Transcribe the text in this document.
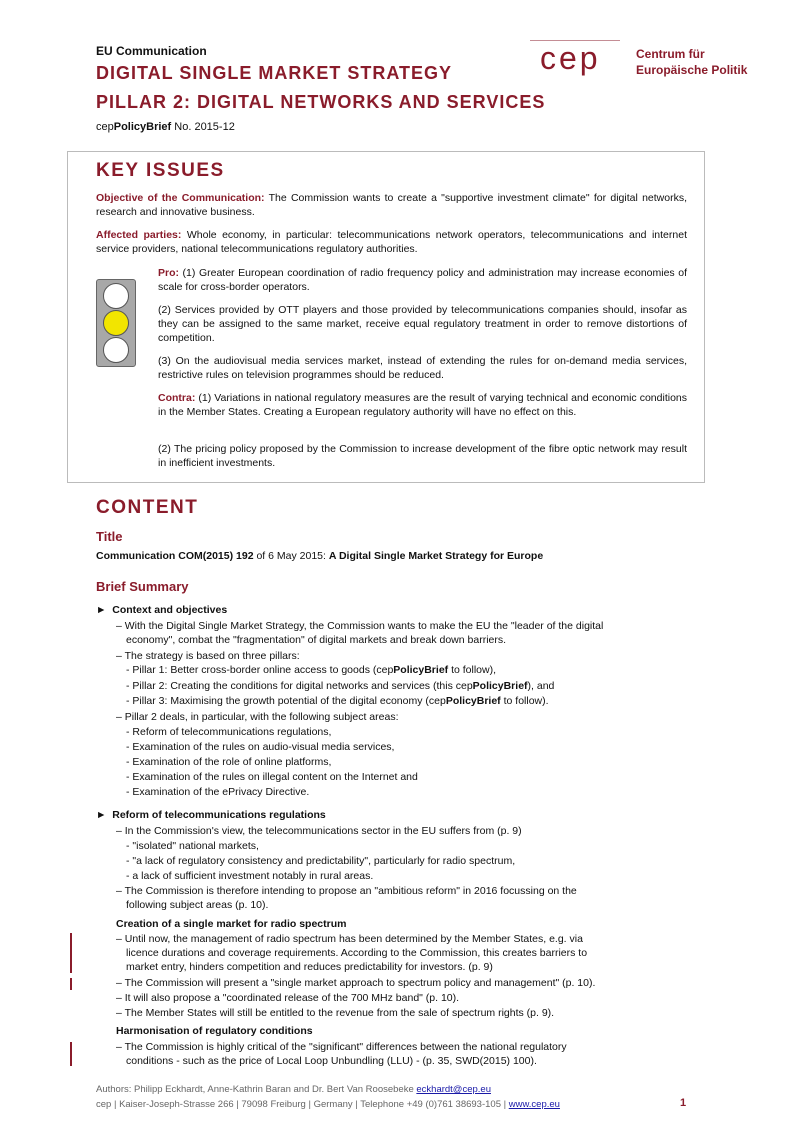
EU Communication
DIGITAL SINGLE MARKET STRATEGY
PILLAR 2: DIGITAL NETWORKS AND SERVICES
cepPolicyBrief No. 2015-12
cep	Centrum für
Europäische Politik
KEY ISSUES
Objective of the Communication: The Commission wants to create a "supportive investment climate" for digital networks, research and innovative business.
Affected parties: Whole economy, in particular: telecommunications network operators, telecommunications and internet service providers, national telecommunications regulatory authorities.
Pro: (1) Greater European coordination of radio frequency policy and administration may increase economies of scale for cross-border operators.
(2) Services provided by OTT players and those provided by telecommunications companies should, insofar as they can be assigned to the same market, receive equal regulatory treatment in order to remove distortions of competition.
(3) On the audiovisual media services market, instead of extending the rules for on-demand media services, restrictive rules on television programmes should be reduced.
Contra: (1) Variations in national regulatory measures are the result of varying technical and economic conditions in the Member States. Creating a European regulatory authority will have no effect on this.
(2) The pricing policy proposed by the Commission to increase development of the fibre optic network may result in inefficient investments.
CONTENT
Title
Communication COM(2015) 192 of 6 May 2015: A Digital Single Market Strategy for Europe
Brief Summary
►  Context and objectives
– With the Digital Single Market Strategy, the Commission wants to make the EU the "leader of the digital
economy", combat the "fragmentation" of digital markets and break down barriers.
– The strategy is based on three pillars:
- Pillar 1: Better cross-border online access to goods (cepPolicyBrief to follow),
- Pillar 2: Creating the conditions for digital networks and services (this cepPolicyBrief), and
- Pillar 3: Maximising the growth potential of the digital economy (cepPolicyBrief to follow).
– Pillar 2 deals, in particular, with the following subject areas:
- Reform of telecommunications regulations,
- Examination of the rules on audio-visual media services,
- Examination of the role of online platforms,
- Examination of the rules on illegal content on the Internet and
- Examination of the ePrivacy Directive.
►  Reform of telecommunications regulations
– In the Commission's view, the telecommunications sector in the EU suffers from (p. 9)
- "isolated" national markets,
- "a lack of regulatory consistency and predictability", particularly for radio spectrum,
- a lack of sufficient investment notably in rural areas.
– The Commission is therefore intending to propose an "ambitious reform" in 2016 focussing on the
following subject areas (p. 10).
Creation of a single market for radio spectrum
– Until now, the management of radio spectrum has been determined by the Member States, e.g. via
licence durations and coverage requirements. According to the Commission, this creates barriers to
market entry, hinders competition and reduces predictability for investors. (p. 9)
– The Commission will present a "single market approach to spectrum policy and management" (p. 10).
– It will also propose a "coordinated release of the 700 MHz band" (p. 10).
– The Member States will still be entitled to the revenue from the sale of spectrum rights (p. 9).
Harmonisation of regulatory conditions
– The Commission is highly critical of the "significant" differences between the national regulatory
conditions - such as the price of Local Loop Unbundling (LLU) - (p. 35, SWD(2015) 100).
Authors: Philipp Eckhardt, Anne-Kathrin Baran and Dr. Bert Van Roosebeke eckhardt@cep.eu
cep | Kaiser-Joseph-Strasse 266 | 79098 Freiburg | Germany | Telephone +49 (0)761 38693-105 | www.cep.eu	1
